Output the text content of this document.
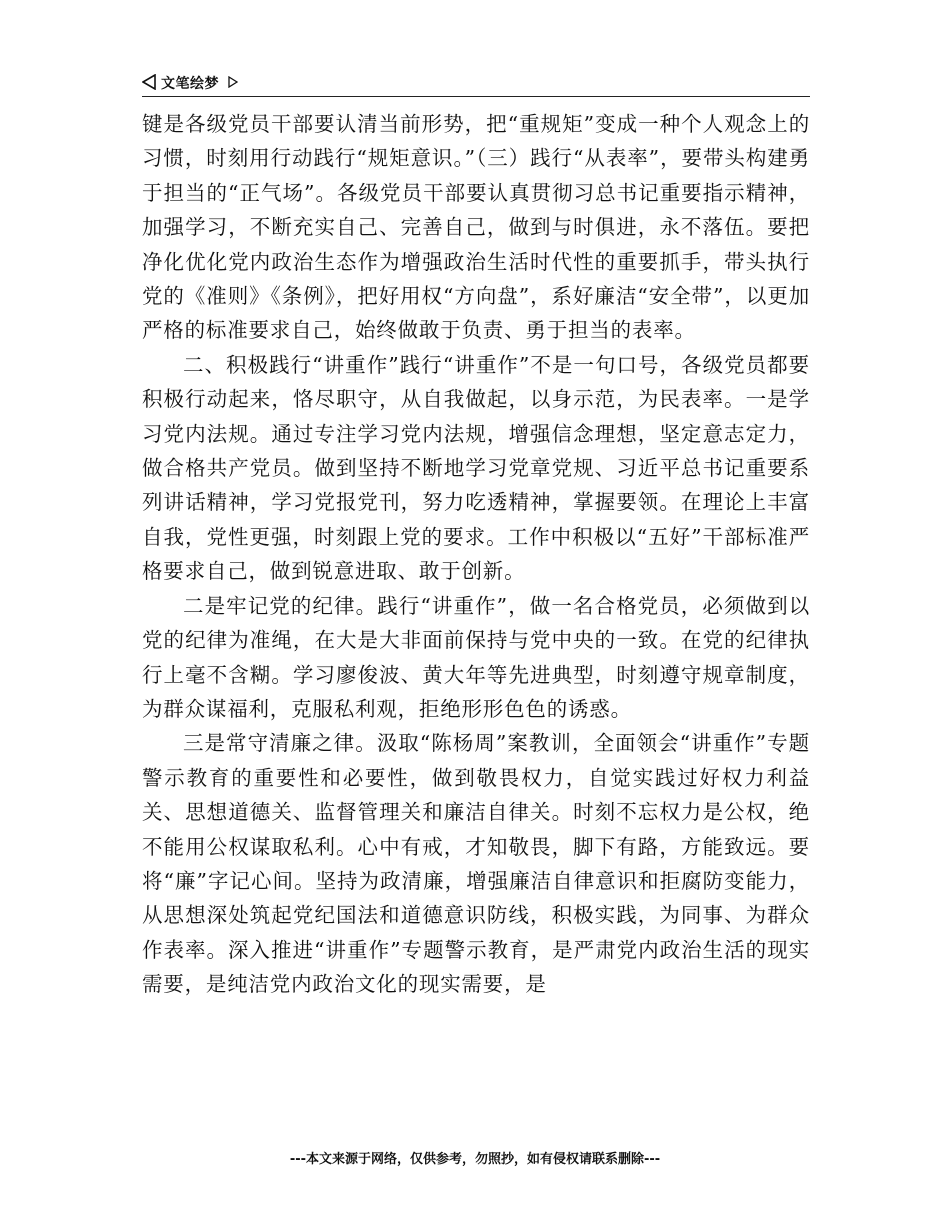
文笔绘梦

键是各级党员干部要认清当前形势，把“重规矩”变成一种个人观念上的习惯，时刻用行动践行“规矩意识。”（三）践行“从表率”，要带头构建勇于担当的“正气场”。各级党员干部要认真贯彻习总书记重要指示精神，加强学习，不断充实自己、完善自己，做到与时俱进，永不落伍。要把净化优化党内政治生态作为增强政治生活时代性的重要抓手，带头执行党的《准则》《条例》，把好用权“方向盘”，系好廉洁“安全带”，以更加严格的标准要求自己，始终做敢于负责、勇于担当的表率。

二、积极践行“讲重作”践行“讲重作”不是一句口号，各级党员都要积极行动起来，恪尽职守，从自我做起，以身示范，为民表率。一是学习党内法规。通过专注学习党内法规，增强信念理想，坚定意志定力，做合格共产党员。做到坚持不断地学习党章党规、习近平总书记重要系列讲话精神，学习党报党刊，努力吃透精神，掌握要领。在理论上丰富自我，党性更强，时刻跟上党的要求。工作中积极以“五好”干部标准严格要求自己，做到锐意进取、敢于创新。

二是牢记党的纪律。践行“讲重作”，做一名合格党员，必须做到以党的纪律为准绳，在大是大非面前保持与党中央的一致。在党的纪律执行上毫不含糊。学习廖俊波、黄大年等先进典型，时刻遵守规章制度，为群众谋福利，克服私利观，拒绝形形色色的诱惑。

三是常守清廉之律。汲取“陈杨周”案教训，全面领会“讲重作”专题警示教育的重要性和必要性，做到敬畏权力，自觉实践过好权力利益关、思想道德关、监督管理关和廉洁自律关。时刻不忘权力是公权，绝不能用公权谋取私利。心中有戒，才知敬畏，脚下有路，方能致远。要将“廉”字记心间。坚持为政清廉，增强廉洁自律意识和拒腐防变能力，从思想深处筑起党纪国法和道德意识防线，积极实践，为同事、为群众作表率。深入推进“讲重作”专题警示教育，是严肃党内政治生活的现实需要，是纯洁党内政治文化的现实需要，是

---本文来源于网络，仅供参考，勿照抄，如有侵权请联系删除---
